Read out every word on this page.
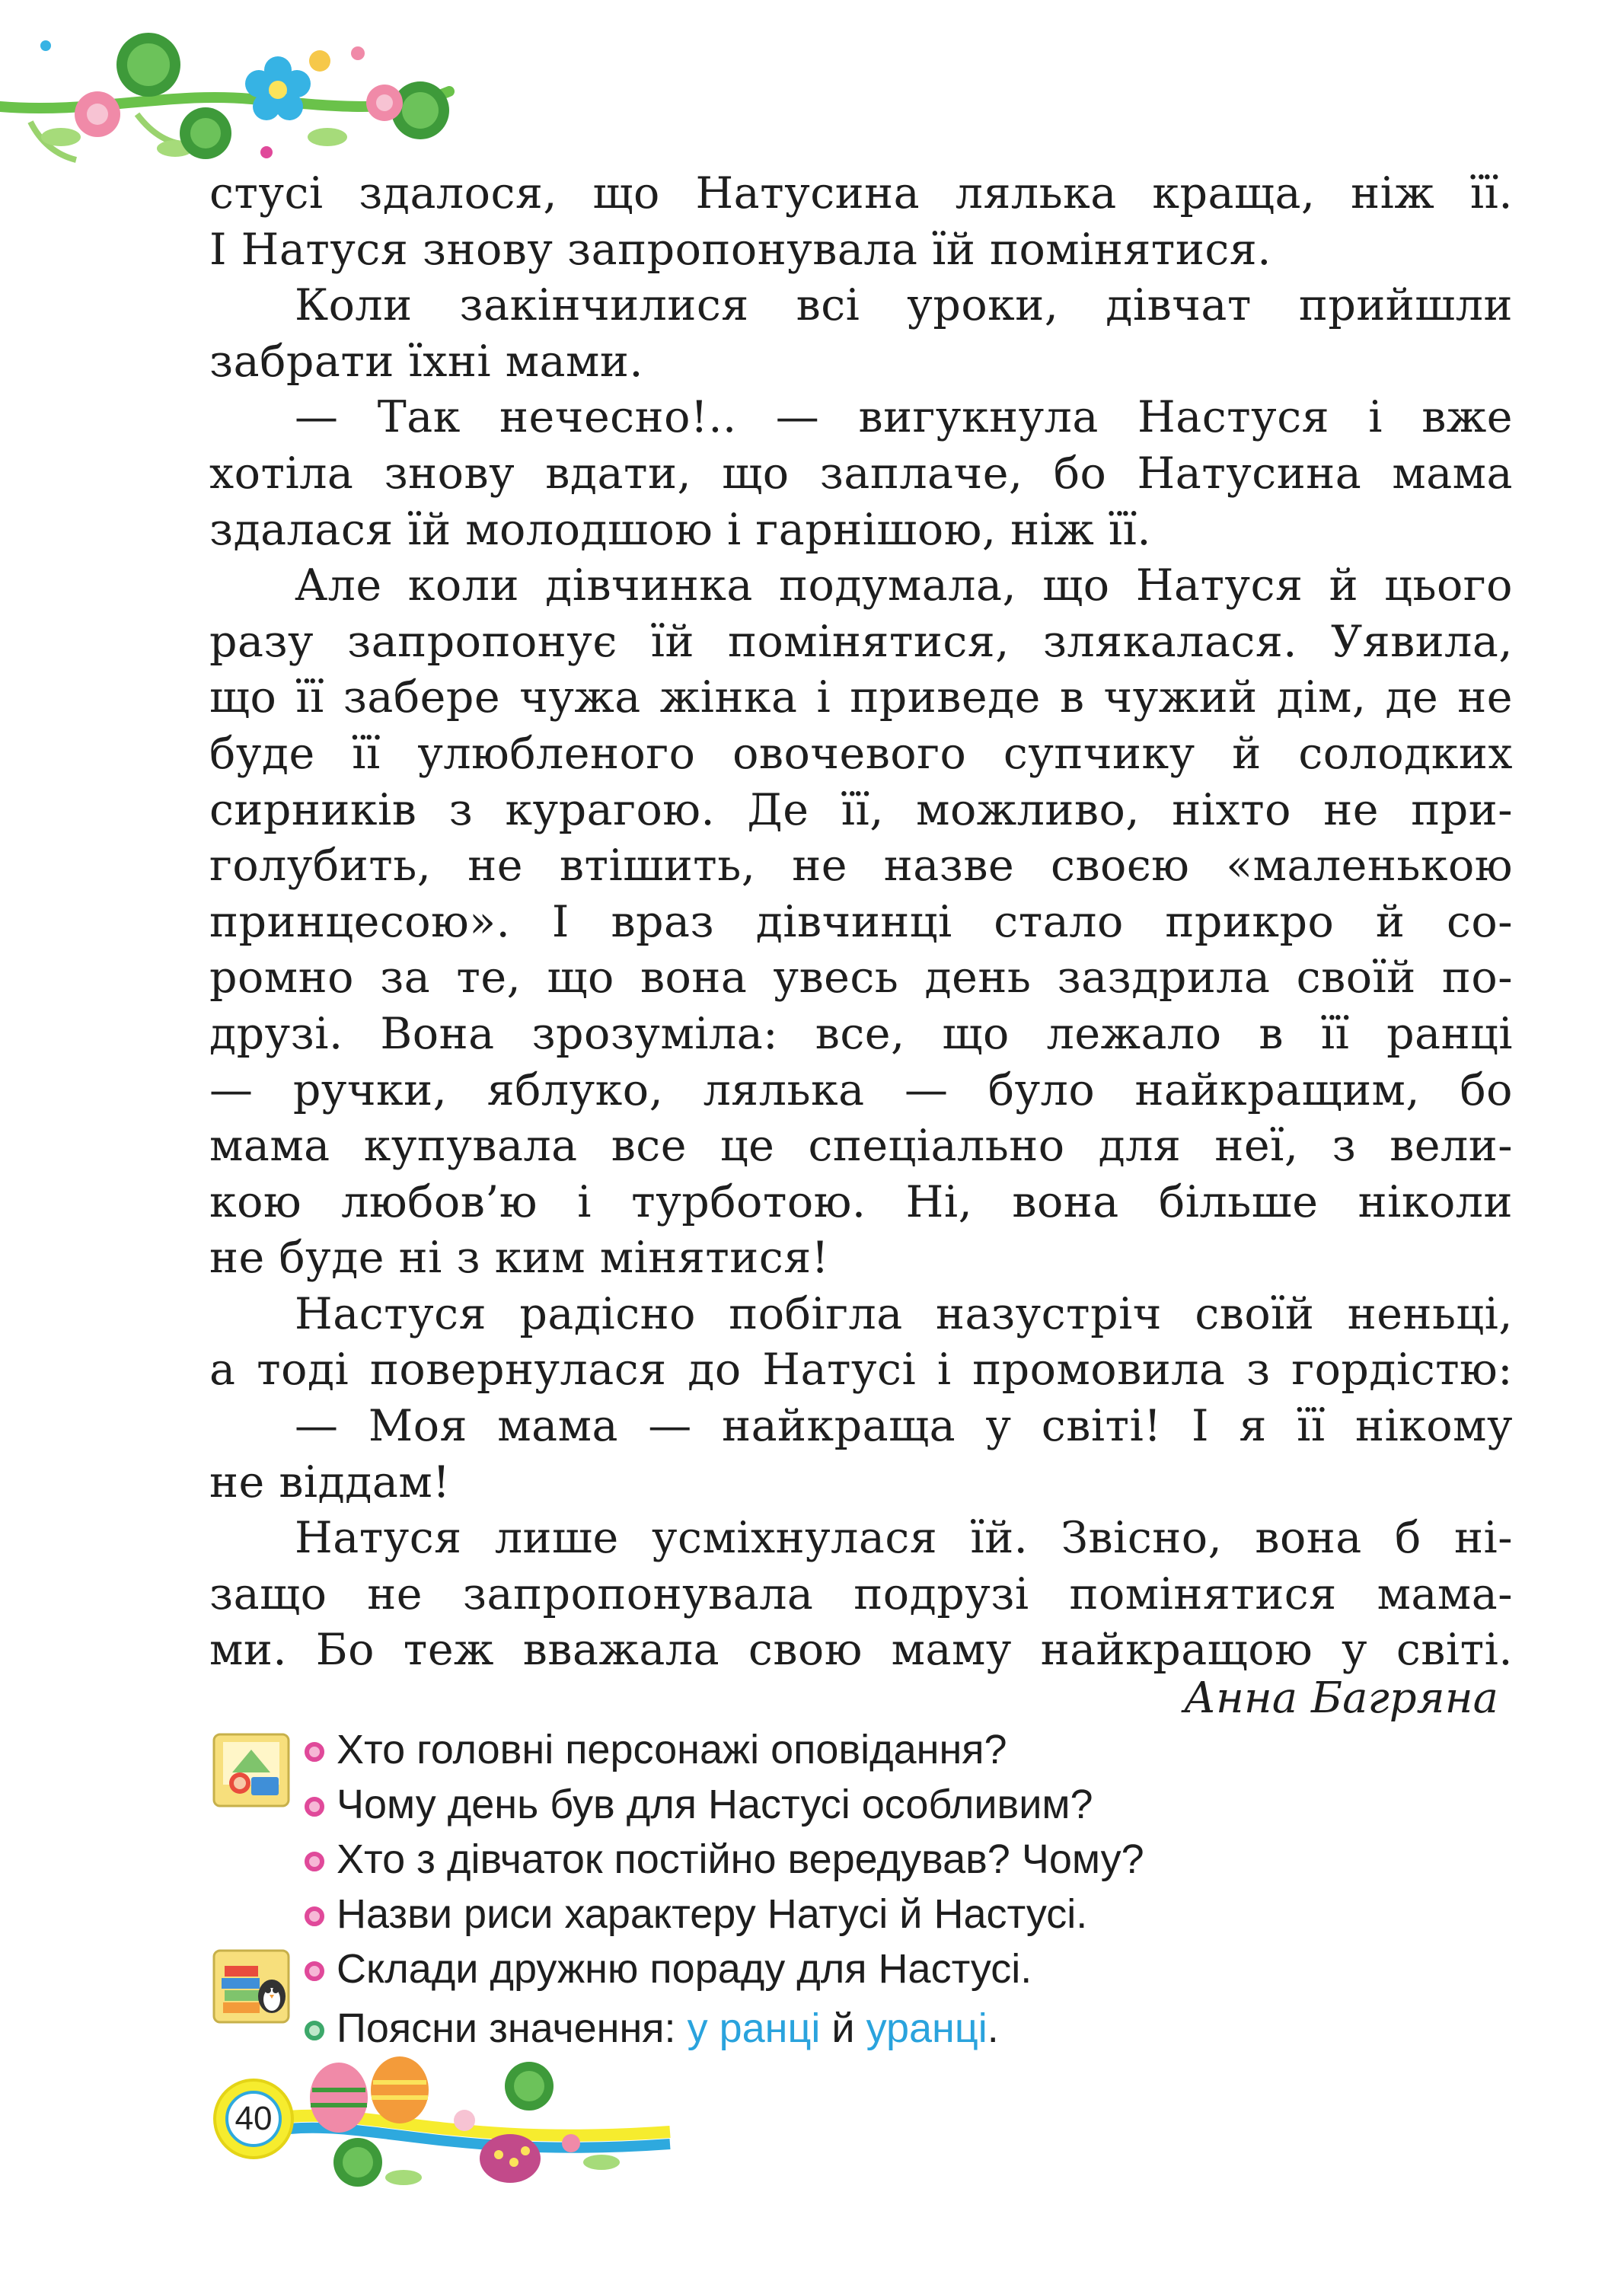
стусі здалося, що Натусина лялька краща, ніж її.

І Натуся знову запропонувала їй помінятися.

Коли закінчилися всі уроки, дівчат прийшли

забрати їхні мами.

— Так нечесно!.. — вигукнула Настуся і вже

хотіла знову вдати, що заплаче, бо Натусина мама

здалася їй молодшою і гарнішою, ніж її.

Але коли дівчинка подумала, що Натуся й цього

разу запропонує їй помінятися, злякалася. Уявила,

що її забере чужа жінка і приведе в чужий дім, де не

буде її улюбленого овочевого супчику й солодких

сирників з курагою. Де її, можливо, ніхто не при-

голубить, не втішить, не назве своєю «маленькою

принцесою». І враз дівчинці стало прикро й со-

ромно за те, що вона увесь день заздрила своїй по-

друзі. Вона зрозуміла: все, що лежало в її ранці

— ручки, яблуко, лялька — було найкращим, бо

мама купувала все це спеціально для неї, з вели-

кою любов’ю і турботою. Ні, вона більше ніколи

не буде ні з ким мінятися!

Настуся радісно побігла назустріч своїй неньці,

а тоді повернулася до Натусі і промовила з гордістю:

— Моя мама — найкраща у світі! І я її нікому

не віддам!

Натуся лише усміхнулася їй. Звісно, вона б ні-

защо не запропонувала подрузі помінятися мама-

ми. Бо теж вважала свою маму найкращою у світі.

Анна Багряна
Хто головні персонажі оповідання?
Чому день був для Настусі особливим?
Хто з дівчаток постійно вередував? Чому?
Назви риси характеру Натусі й Настусі.
Склади дружню пораду для Настусі.
Поясни значення: у ранці й уранці.
40
